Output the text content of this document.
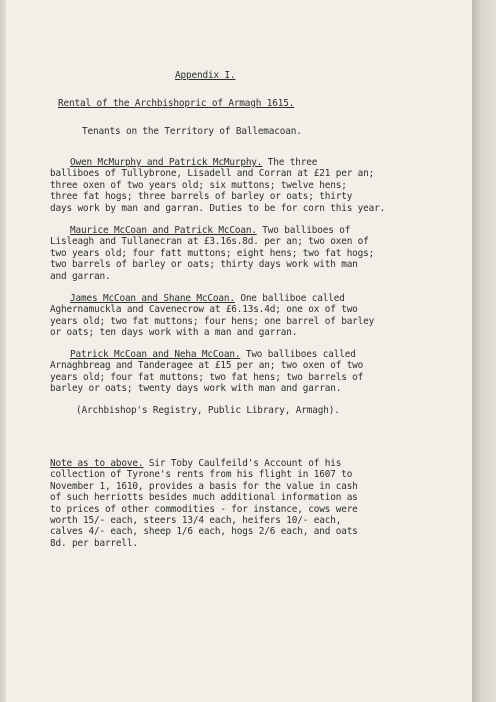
Appendix I.
Rental of the Archbishopric of Armagh 1615.
Tenants on the Territory of Ballemacoan.
Owen McMurphy and Patrick McMurphy. The three
ballibоes of Tullybrone, Lisadell and Corran at £21 per an;
three oxen of two years old; six muttons; twelve hens;
three fat hogs; three barrels of barley or oats; thirty
days work by man and garran. Duties to be for corn this year.
Maurice McCoan and Patrick McCoan. Two balliboes of
Lisleagh and Tullanecran at £3.16s.8d. per an; two oxen of
two years old; four fatt muttons; eight hens; two fat hogs;
two barrels of barley or oats; thirty days work with man
and garran.
James McCoan and Shane McCoan. One balliboe called
Aghernamuckla and Cavenecrow at £6.13s.4d; one ox of two
years old; two fat muttons; four hens; one barrel of barley
or oats; ten days work with a man and garran.
Patrick McCoan and Neha McCoan. Two balliboes called
Arnaghbreag and Tanderagee at £15 per an; two oxen of two
years old; four fat muttons; two fat hens; two barrels of
barley or oats; twenty days work with man and garran.
(Archbishop's Registry, Public Library, Armagh).
Note as to above. Sir Toby Caulfeild's Account of his
collection of Tyrone's rents from his flight in 1607 to
November 1, 1610, provides a basis for the value in cash
of such herriotts besides much additional information as
to prices of other commodities - for instance, cows were
worth 15/- each, steers 13/4 each, heifers 10/- each,
calves 4/- each, sheep 1/6 each, hogs 2/6 each, and oats
8d. per barrell.
